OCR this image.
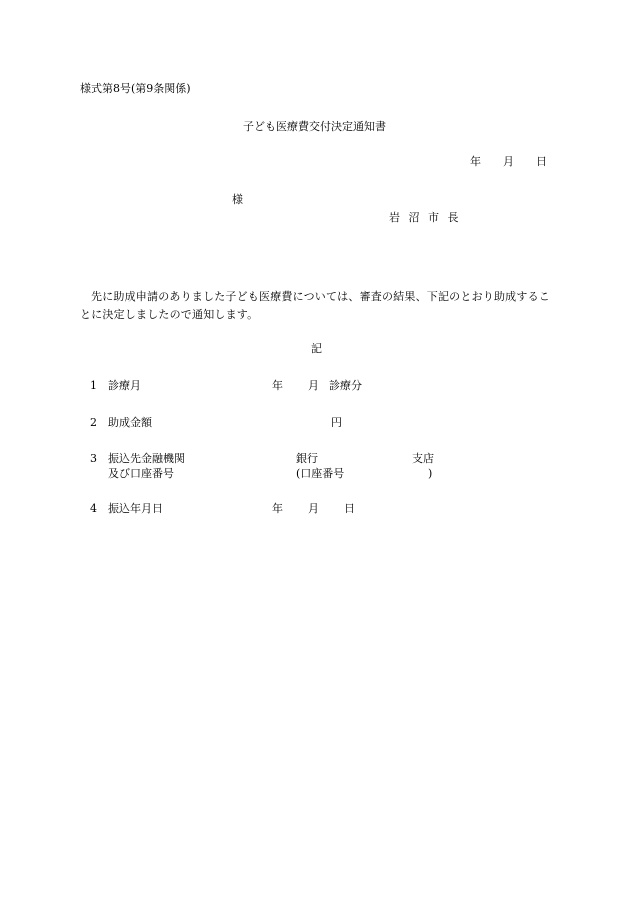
様式第8号(第9条関係)
子ども医療費交付決定通知書
年 月 日
様
岩沼市長
先に助成申請のありました子ども医療費については、審査の結果、下記のとおり助成することに決定しましたので通知します。
記
1 診療月	年 月 診療分
2 助成金額	円
3 振込先金融機関	銀行	支店
及び口座番号	(口座番号	)
4 振込年月日	年 月 日
